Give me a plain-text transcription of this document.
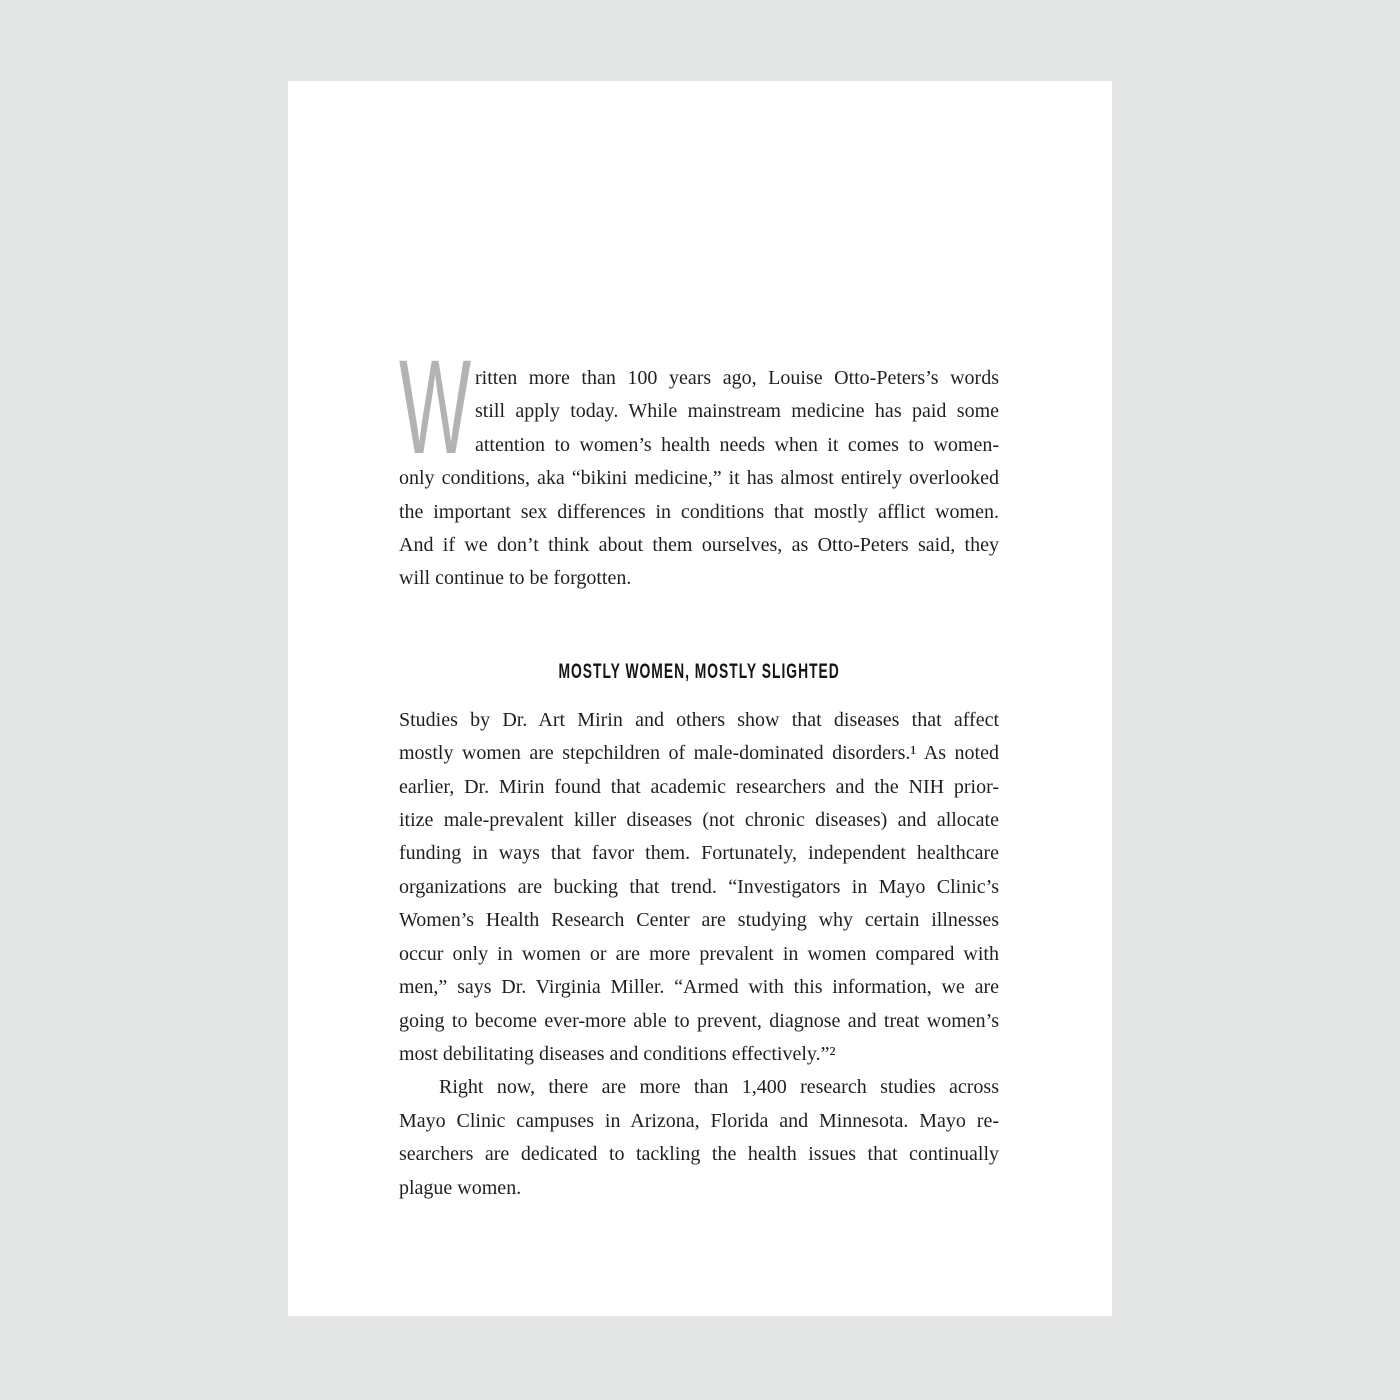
W ritten more than 100 years ago, Louise Otto-Peters’s words
still apply today. While mainstream medicine has paid some
attention to women’s health needs when it comes to women-
only conditions, aka “bikini medicine,” it has almost entirely overlooked
the important sex differences in conditions that mostly afflict women.
And if we don’t think about them ourselves, as Otto-Peters said, they
will continue to be forgotten.
MOSTLY WOMEN, MOSTLY SLIGHTED
Studies by Dr. Art Mirin and others show that diseases that affect
mostly women are stepchildren of male-dominated disorders.¹ As noted
earlier, Dr. Mirin found that academic researchers and the NIH prior-
itize male-prevalent killer diseases (not chronic diseases) and allocate
funding in ways that favor them. Fortunately, independent healthcare
organizations are bucking that trend. “Investigators in Mayo Clinic’s
Women’s Health Research Center are studying why certain illnesses
occur only in women or are more prevalent in women compared with
men,” says Dr. Virginia Miller. “Armed with this information, we are
going to become ever-more able to prevent, diagnose and treat women’s
most debilitating diseases and conditions effectively.”²
Right now, there are more than 1,400 research studies across
Mayo Clinic campuses in Arizona, Florida and Minnesota. Mayo re-
searchers are dedicated to tackling the health issues that continually
plague women.
